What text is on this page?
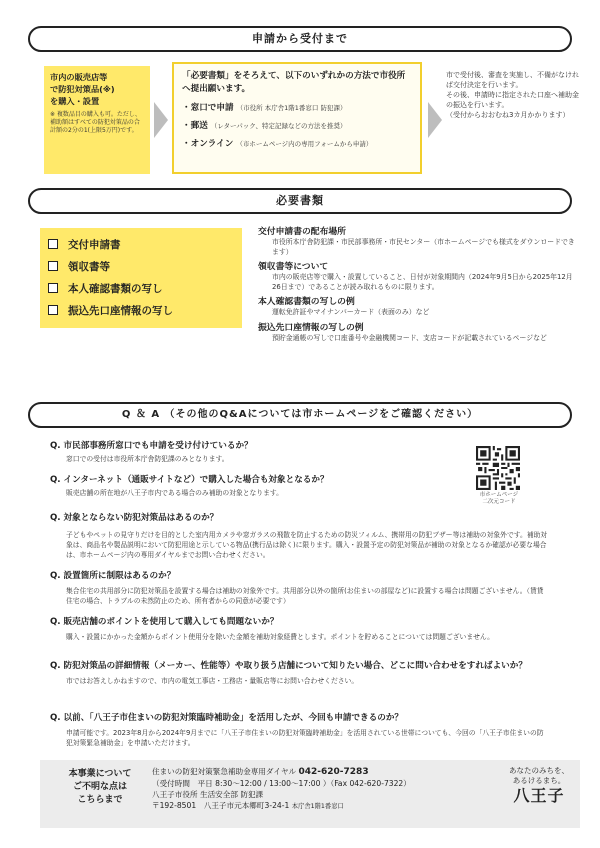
申請から受付まで
市内の販売店等
で防犯対策品(※)
を購入・設置
※ 複数品目の購入も可。ただし、補助額はすべての防犯対策品の合計額の2分の1(上限5万円)です。
「必要書類」をそろえて、以下のいずれかの方法で市役所へ提出願います。
・窓口で申請 （市役所 本庁舎1階1番窓口 防犯課）
・郵送 （レターパック、特定記録などの方法を推奨）
・オンライン （市ホームページ内の専用フォームから申請）
市で受付後、審査を実施し、不備がなければ交付決定を行います。
その後、申請時に指定された口座へ補助金の振込を行います。
（受付からおおむね3カ月かかります）
必要書類
交付申請書
領収書等
本人確認書類の写し
振込先口座情報の写し
交付申請書の配布場所
市役所本庁舎防犯課・市民部事務所・市民センター（市ホームページでも様式をダウンロードできます）
領収書等について
市内の販売店等で購入・設置していること、日付が対象期間内（2024年9月5日から2025年12月26日まで）であることが読み取れるものに限ります。
本人確認書類の写しの例
運転免許証やマイナンバーカード（表面のみ）など
振込先口座情報の写しの例
預貯金通帳の写しで口座番号や金融機関コード、支店コードが記載されているページなど
Q ＆ A （その他のQ&Aについては市ホームページをご確認ください）
Q. 市民部事務所窓口でも申請を受け付けているか？
窓口での受付は市役所本庁舎防犯課のみとなります。
Q. インターネット（通販サイトなど）で購入した場合も対象となるか？
販売店舗の所在地が八王子市内である場合のみ補助の対象となります。
Q. 対象とならない防犯対策品はあるのか？
子どもやペットの見守りだけを目的とした室内用カメラや窓ガラスの飛散を防止するための防災フィルム、携帯用の防犯ブザー等は補助の対象外です。補助対象は、商品名や製品説明において防犯用途と示している物品(携行品は除く)に限ります。購入・設置予定の防犯対策品が補助の対象となるか確認が必要な場合は、市ホームページ内の専用ダイヤルまでお問い合わせください。
Q. 設置箇所に制限はあるのか？
集合住宅の共用部分に防犯対策品を設置する場合は補助の対象外です。共用部分以外の箇所(お住まいの部屋など)に設置する場合は問題ございません。（賃貸住宅の場合、トラブルの未然防止のため、所有者からの同意が必要です）
Q. 販売店舗のポイントを使用して購入しても問題ないか？
購入・設置にかかった金額からポイント使用分を除いた金額を補助対象経費とします。ポイントを貯めることについては問題ございません。
Q. 防犯対策品の詳細情報（メーカー、性能等）や取り扱う店舗について知りたい場合、どこに問い合わせをすればよいか？
市ではお答えしかねますので、市内の電気工事店・工務店・量販店等にお問い合わせください。
Q. 以前、「八王子市住まいの防犯対策臨時補助金」を活用したが、今回も申請できるのか？
申請可能です。2023年8月から2024年9月までに「八王子市住まいの防犯対策臨時補助金」を活用されている世帯についても、今回の「八王子市住まいの防犯対策緊急補助金」を申請いただけます。
市ホームページ
二次元コード
本事業について
ご不明な点は
こちらまで
住まいの防犯対策緊急補助金専用ダイヤル 042-620-7283
（受付時間　平日 8:30～12:00 / 13:00～17:00 ）（Fax 042-620-7322）
八王子市役所 生活安全部 防犯課
〒192-8501　八王子市元本郷町3-24-1 本庁舎1階1番窓口
あなたのみちを、
あるけるまち。
八王子
